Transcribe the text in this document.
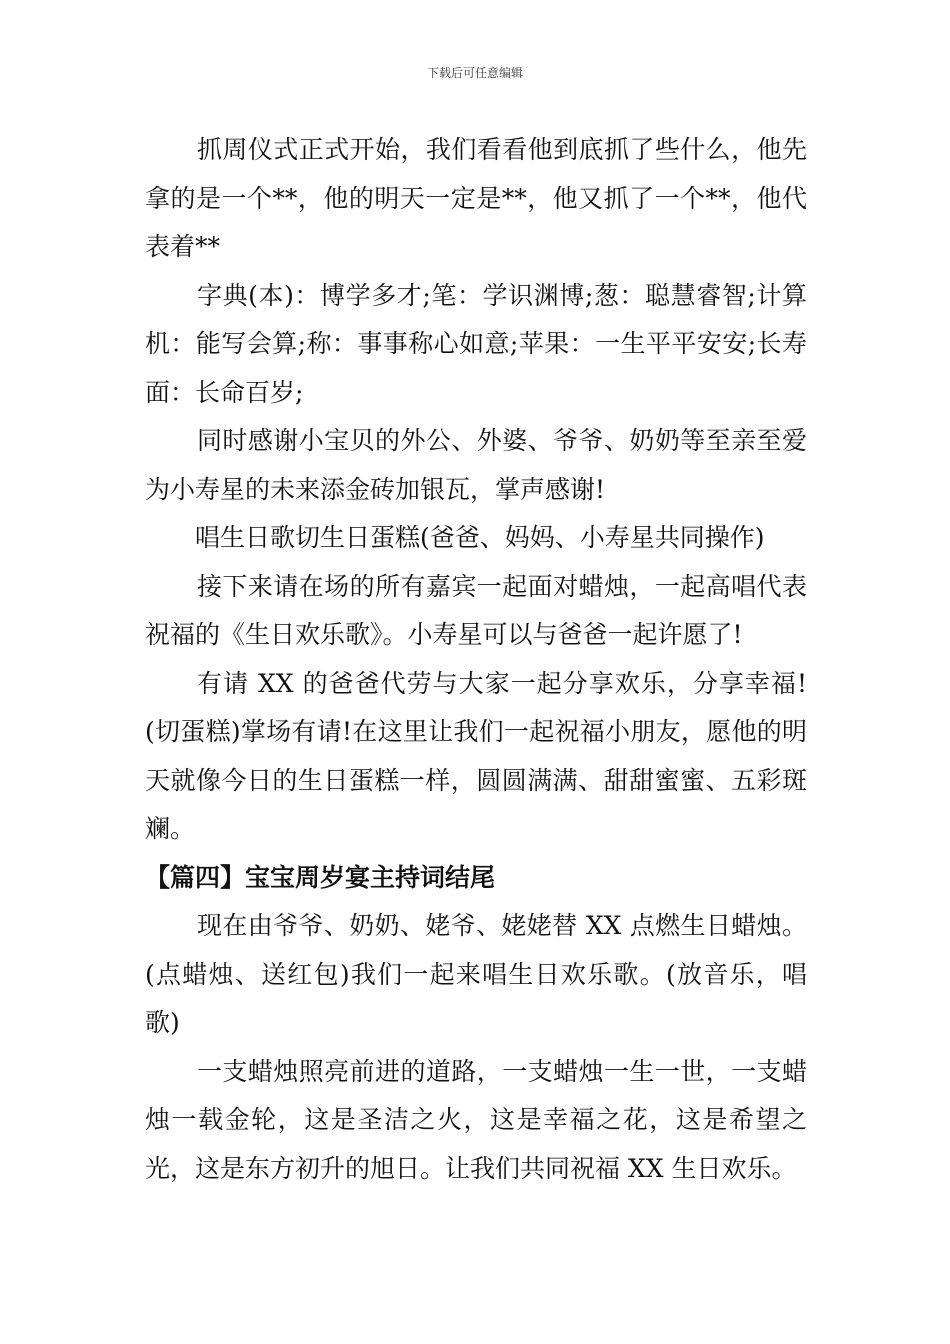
下载后可任意编辑

抓周仪式正式开始，我们看看他到底抓了些什么，他先拿的是一个**，他的明天一定是**，他又抓了一个**，他代表着**

字典(本)：博学多才;笔：学识渊博;葱：聪慧睿智;计算机：能写会算;称：事事称心如意;苹果：一生平平安安;长寿面：长命百岁;

同时感谢小宝贝的外公、外婆、爷爷、奶奶等至亲至爱为小寿星的未来添金砖加银瓦，掌声感谢!

唱生日歌切生日蛋糕(爸爸、妈妈、小寿星共同操作)

接下来请在场的所有嘉宾一起面对蜡烛，一起高唱代表祝福的《生日欢乐歌》。小寿星可以与爸爸一起许愿了!

有请 XX 的爸爸代劳与大家一起分享欢乐，分享幸福!(切蛋糕)掌场有请!在这里让我们一起祝福小朋友，愿他的明天就像今日的生日蛋糕一样，圆圆满满、甜甜蜜蜜、五彩斑斓。

【篇四】宝宝周岁宴主持词结尾

现在由爷爷、奶奶、姥爷、姥姥替 XX 点燃生日蜡烛。(点蜡烛、送红包)我们一起来唱生日欢乐歌。(放音乐，唱歌)

一支蜡烛照亮前进的道路，一支蜡烛一生一世，一支蜡烛一载金轮，这是圣洁之火，这是幸福之花，这是希望之光，这是东方初升的旭日。让我们共同祝福 XX 生日欢乐。
